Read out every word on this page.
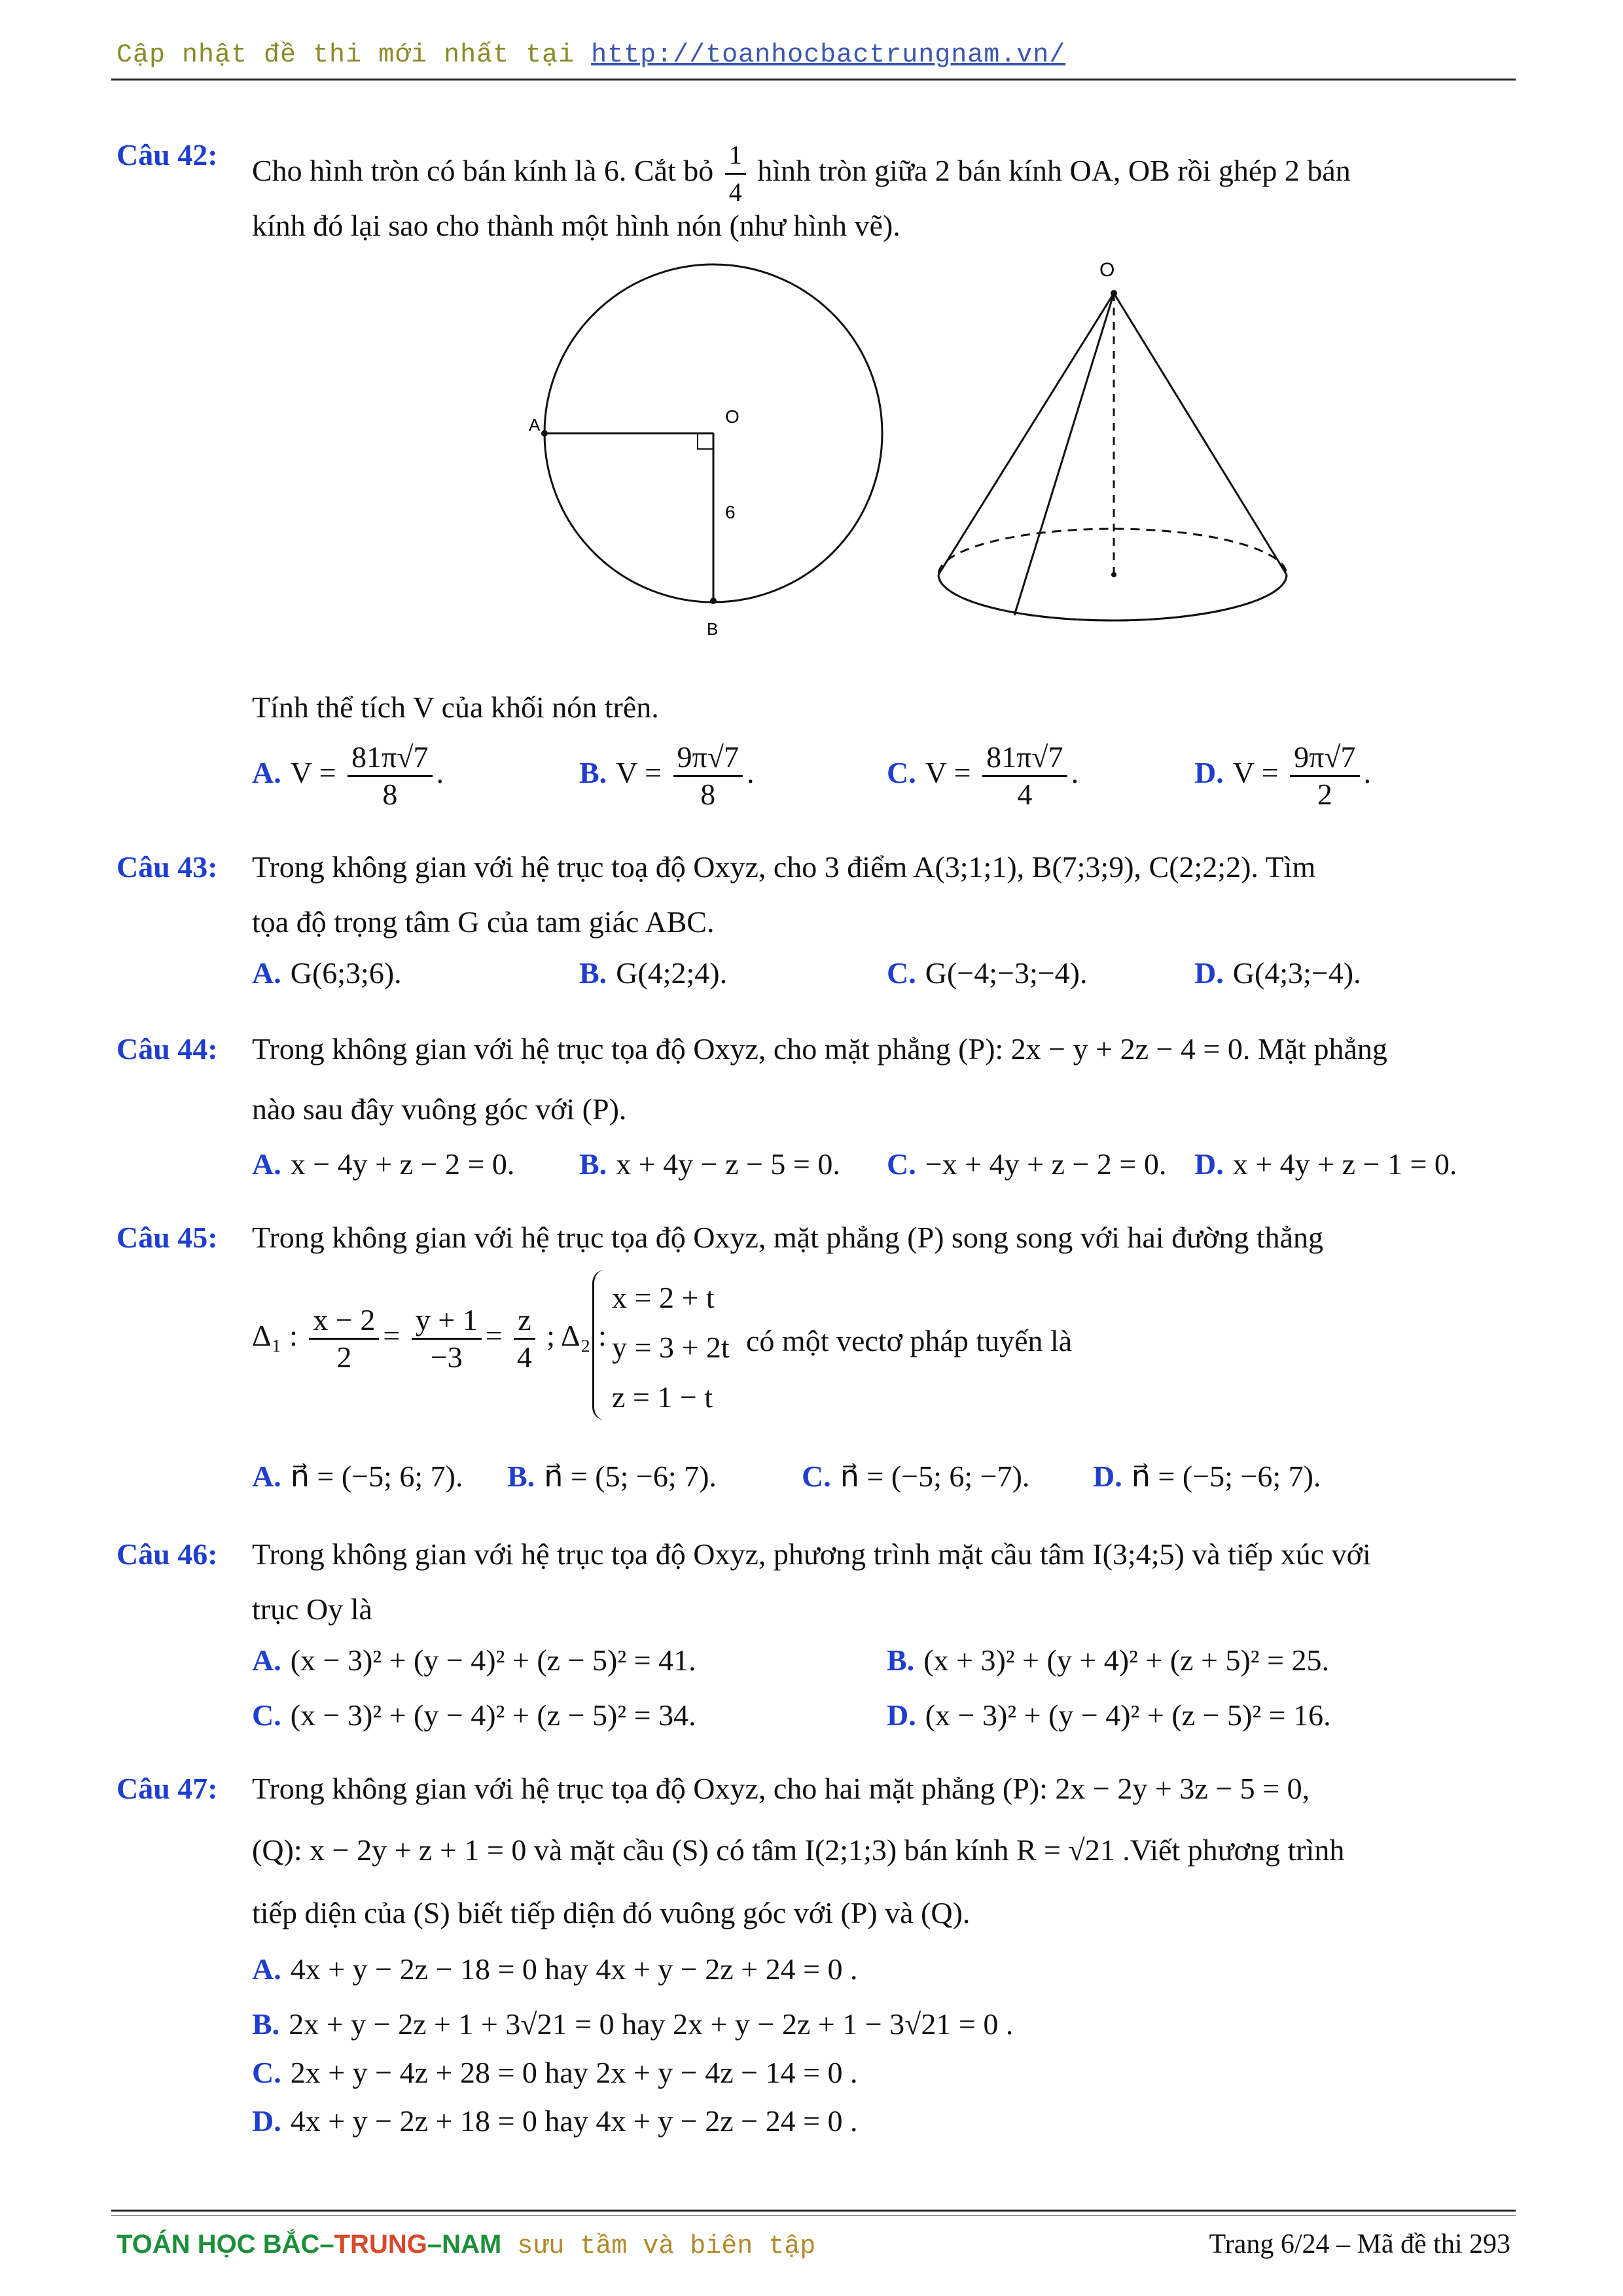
Cập nhật đề thi mới nhất tại http://toanhocbactrungnam.vn/
Câu 42: Cho hình tròn có bán kính là 6. Cắt bỏ $\frac{1}{4}$ hình tròn giữa 2 bán kính OA, OB rồi ghép 2 bán
kính đó lại sao cho thành một hình nón (như hình vẽ).
A	O
6
B
O
Tính thể tích V của khối nón trên.
A. $V = \frac{81\pi√7}{8}$ .	B. $V = \frac{9\pi√7}{8}$ .	C. $V = \frac{81\pi√7}{4}$ .	D. $V = \frac{9\pi√7}{2}$ .
Câu 43: Trong không gian với hệ trục toạ độ Oxyz, cho 3 điểm A(3;1;1), B(7;3;9), C(2;2;2). Tìm
tọa độ trọng tâm G của tam giác ABC.
A. G(6;3;6).	B. G(4;2;4).	C. G(−4;−3;−4).	D. G(4;3;−4).
Câu 44: Trong không gian với hệ trục tọa độ Oxyz, cho mặt phẳng (P): 2x − y + 2z − 4 = 0. Mặt phẳng
nào sau đây vuông góc với (P).
A. x − 4y + z − 2 = 0. B. x + 4y − z − 5 = 0. C. −x + 4y + z − 2 = 0. D. x + 4y + z − 1 = 0.
Câu 45: Trong không gian với hệ trục tọa độ Oxyz, mặt phẳng (P) song song với hai đường thẳng
Δ₁ : $\frac{x - 2}{2} = \frac{y + 1}{-3} = \frac{z}{4}$ ; Δ₂ :
x = 2 + t
y = 3 + 2t
z = 1 − t
có một vectơ pháp tuyến là
A. n⃗ = (−5; 6; 7). B. n⃗ = (5; −6; 7).	C. n⃗ = (−5; 6; −7). D. n⃗ = (−5; −6; 7).
Câu 46: Trong không gian với hệ trục tọa độ Oxyz, phương trình mặt cầu tâm I(3;4;5) và tiếp xúc với
trục Oy là
A. (x − 3)² + (y − 4)² + (z − 5)² = 41.	B. (x + 3)² + (y + 4)² + (z + 5)² = 25.
C. (x − 3)² + (y − 4)² + (z − 5)² = 34.	D. (x − 3)² + (y − 4)² + (z − 5)² = 16.
Câu 47: Trong không gian với hệ trục tọa độ Oxyz, cho hai mặt phẳng (P): 2x − 2y + 3z − 5 = 0,
(Q): x − 2y + z + 1 = 0 và mặt cầu (S) có tâm I(2;1;3) bán kính R = √21 .Viết phương trình
tiếp diện của (S) biết tiếp diện đó vuông góc với (P) và (Q).
A. 4x + y − 2z − 18 = 0 hay 4x + y − 2z + 24 = 0 .
B. 2x + y − 2z + 1 + 3√21 = 0 hay 2x + y − 2z + 1 − 3√21 = 0 .
C. 2x + y − 4z + 28 = 0 hay 2x + y − 4z − 14 = 0 .
D. 4x + y − 2z + 18 = 0 hay 4x + y − 2z − 24 = 0 .
TOÁN HỌC BẮC–TRUNG–NAM sưu tầm và biên tập	Trang 6/24 – Mã đề thi 293
